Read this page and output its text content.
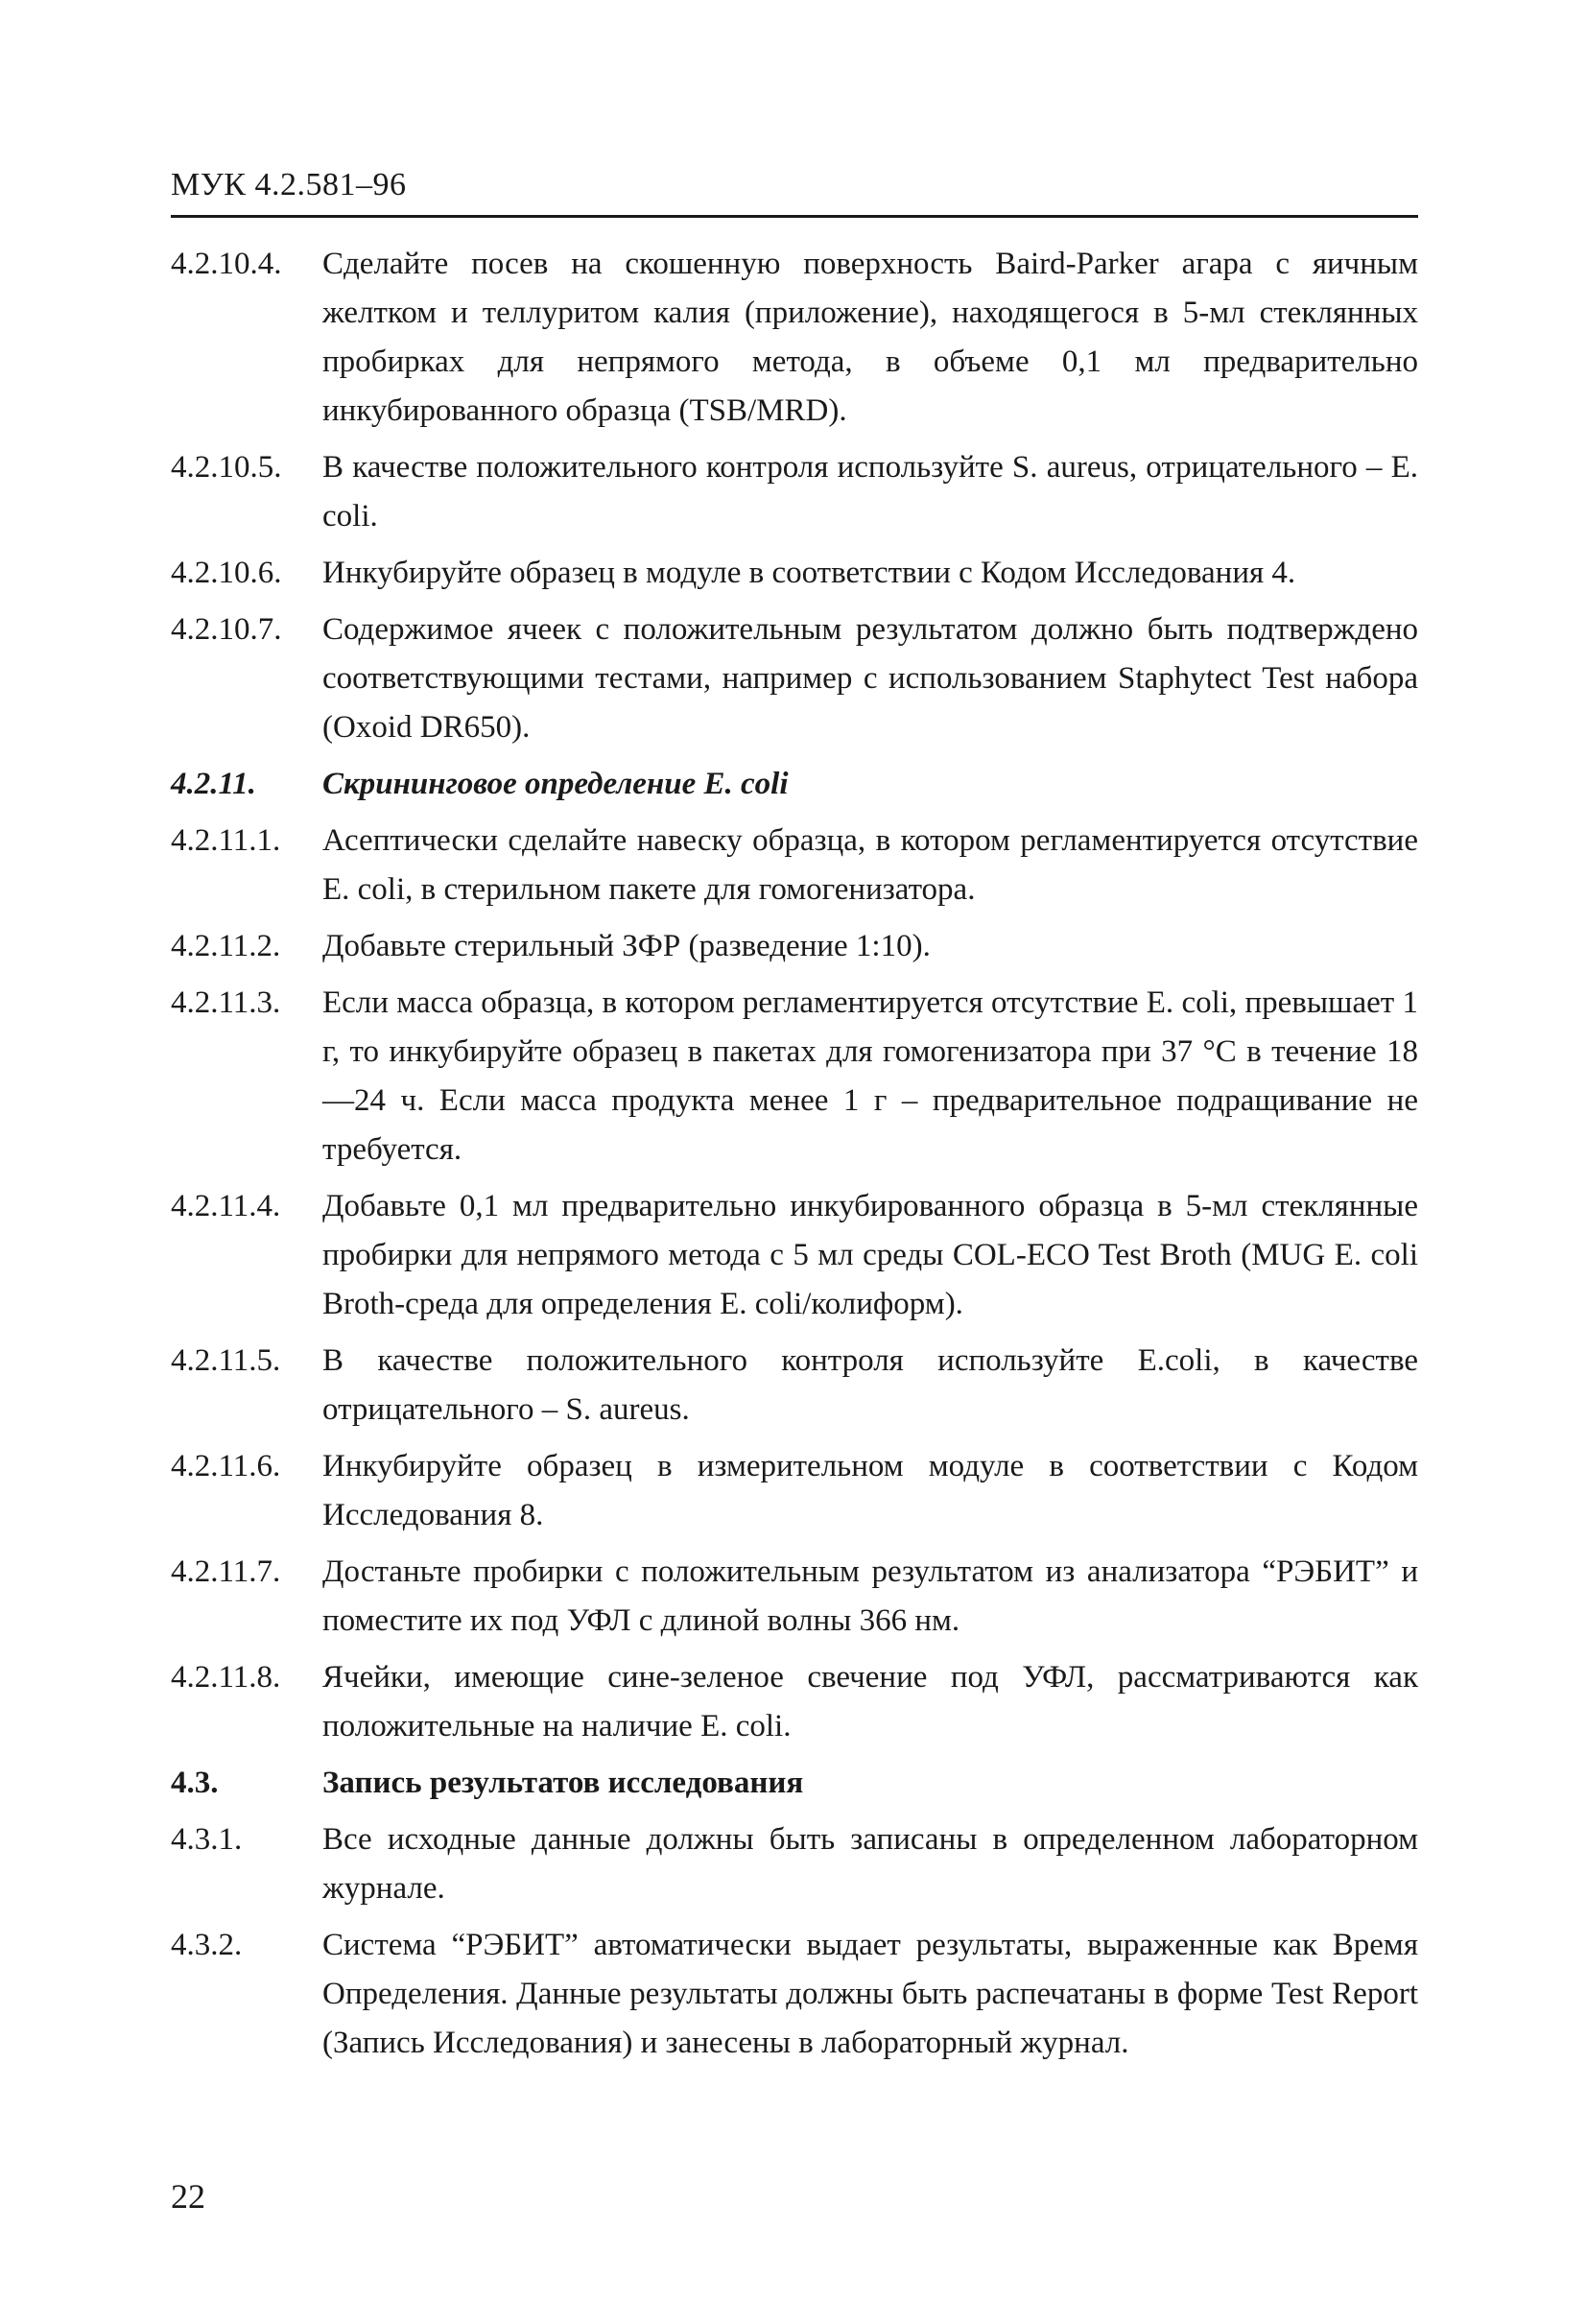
МУК 4.2.581–96
4.2.10.4.	Сделайте посев на скошенную поверхность Baird-Parker агара с яичным желтком и теллуритом калия (приложение), находящегося в 5-мл стеклянных пробирках для непрямого метода, в объеме 0,1 мл предварительно инкубированного образца (TSB/MRD).
4.2.10.5.	В качестве положительного контроля используйте S. aureus, отрицательного – E. coli.
4.2.10.6.	Инкубируйте образец в модуле в соответствии с Кодом Исследования 4.
4.2.10.7.	Содержимое ячеек с положительным результатом должно быть подтверждено соответствующими тестами, например с использованием Staphytect Test набора (Oxoid DR650).
4.2.11.	Скрининговое определение E. coli
4.2.11.1.	Асептически сделайте навеску образца, в котором регламентируется отсутствие E. coli, в стерильном пакете для гомогенизатора.
4.2.11.2.	Добавьте стерильный ЗФР (разведение 1:10).
4.2.11.3.	Если масса образца, в котором регламентируется отсутствие E. coli, превышает 1 г, то инкубируйте образец в пакетах для гомогенизатора при 37 °С в течение 18—24 ч. Если масса продукта менее 1 г – предварительное подращивание не требуется.
4.2.11.4.	Добавьте 0,1 мл предварительно инкубированного образца в 5-мл стеклянные пробирки для непрямого метода с 5 мл среды COL-ECO Test Broth (MUG E. coli Broth-среда для определения E. coli/колиформ).
4.2.11.5.	В качестве положительного контроля используйте E.coli, в качестве отрицательного – S. aureus.
4.2.11.6.	Инкубируйте образец в измерительном модуле в соответствии с Кодом Исследования 8.
4.2.11.7.	Достаньте пробирки с положительным результатом из анализатора “РЭБИТ” и поместите их под УФЛ с длиной волны 366 нм.
4.2.11.8.	Ячейки, имеющие сине-зеленое свечение под УФЛ, рассматриваются как положительные на наличие E. coli.
4.3.	Запись результатов исследования
4.3.1.	Все исходные данные должны быть записаны в определенном лабораторном журнале.
4.3.2.	Система “РЭБИТ” автоматически выдает результаты, выраженные как Время Определения. Данные результаты должны быть распечатаны в форме Test Report (Запись Исследования) и занесены в лабораторный журнал.
22
